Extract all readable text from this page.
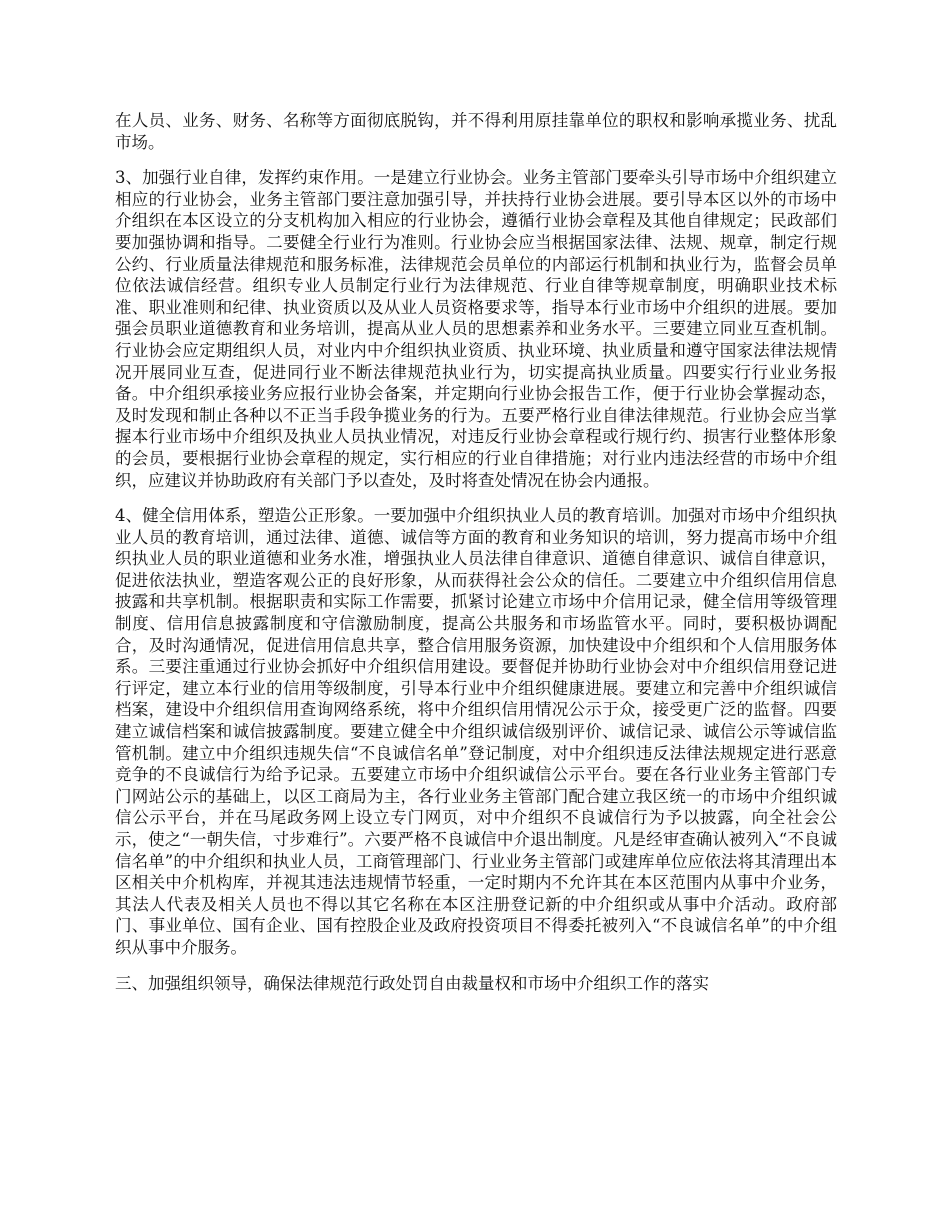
在人员、业务、财务、名称等方面彻底脱钩，并不得利用原挂靠单位的职权和影响承揽业务、扰乱市场。

3、加强行业自律，发挥约束作用。一是建立行业协会。业务主管部门要牵头引导市场中介组织建立相应的行业协会，业务主管部门要注意加强引导，并扶持行业协会进展。要引导本区以外的市场中介组织在本区设立的分支机构加入相应的行业协会，遵循行业协会章程及其他自律规定；民政部们要加强协调和指导。二要健全行业行为准则。行业协会应当根据国家法律、法规、规章，制定行规公约、行业质量法律规范和服务标准，法律规范会员单位的内部运行机制和执业行为，监督会员单位依法诚信经营。组织专业人员制定行业行为法律规范、行业自律等规章制度，明确职业技术标准、职业准则和纪律、执业资质以及从业人员资格要求等，指导本行业市场中介组织的进展。要加强会员职业道德教育和业务培训，提高从业人员的思想素养和业务水平。三要建立同业互查机制。行业协会应定期组织人员，对业内中介组织执业资质、执业环境、执业质量和遵守国家法律法规情况开展同业互查，促进同行业不断法律规范执业行为，切实提高执业质量。四要实行行业业务报备。中介组织承接业务应报行业协会备案，并定期向行业协会报告工作，便于行业协会掌握动态，及时发现和制止各种以不正当手段争揽业务的行为。五要严格行业自律法律规范。行业协会应当掌握本行业市场中介组织及执业人员执业情况，对违反行业协会章程或行规行约、损害行业整体形象的会员，要根据行业协会章程的规定，实行相应的行业自律措施；对行业内违法经营的市场中介组织，应建议并协助政府有关部门予以查处，及时将查处情况在协会内通报。

4、健全信用体系，塑造公正形象。一要加强中介组织执业人员的教育培训。加强对市场中介组织执业人员的教育培训，通过法律、道德、诚信等方面的教育和业务知识的培训，努力提高市场中介组织执业人员的职业道德和业务水准，增强执业人员法律自律意识、道德自律意识、诚信自律意识，促进依法执业，塑造客观公正的良好形象，从而获得社会公众的信任。二要建立中介组织信用信息披露和共享机制。根据职责和实际工作需要，抓紧讨论建立市场中介信用记录，健全信用等级管理制度、信用信息披露制度和守信激励制度，提高公共服务和市场监管水平。同时，要积极协调配合，及时沟通情况，促进信用信息共享，整合信用服务资源，加快建设中介组织和个人信用服务体系。三要注重通过行业协会抓好中介组织信用建设。要督促并协助行业协会对中介组织信用登记进行评定，建立本行业的信用等级制度，引导本行业中介组织健康进展。要建立和完善中介组织诚信档案，建设中介组织信用查询网络系统，将中介组织信用情况公示于众，接受更广泛的监督。四要建立诚信档案和诚信披露制度。要建立健全中介组织诚信级别评价、诚信记录、诚信公示等诚信监管机制。建立中介组织违规失信“不良诚信名单”登记制度，对中介组织违反法律法规规定进行恶意竞争的不良诚信行为给予记录。五要建立市场中介组织诚信公示平台。要在各行业业务主管部门专门网站公示的基础上，以区工商局为主，各行业业务主管部门配合建立我区统一的市场中介组织诚信公示平台，并在马尾政务网上设立专门网页，对中介组织不良诚信行为予以披露，向全社会公示，使之“一朝失信，寸步难行”。六要严格不良诚信中介退出制度。凡是经审查确认被列入“不良诚信名单”的中介组织和执业人员，工商管理部门、行业业务主管部门或建库单位应依法将其清理出本区相关中介机构库，并视其违法违规情节轻重，一定时期内不允许其在本区范围内从事中介业务，其法人代表及相关人员也不得以其它名称在本区注册登记新的中介组织或从事中介活动。政府部门、事业单位、国有企业、国有控股企业及政府投资项目不得委托被列入“不良诚信名单”的中介组织从事中介服务。

三、加强组织领导，确保法律规范行政处罚自由裁量权和市场中介组织工作的落实
